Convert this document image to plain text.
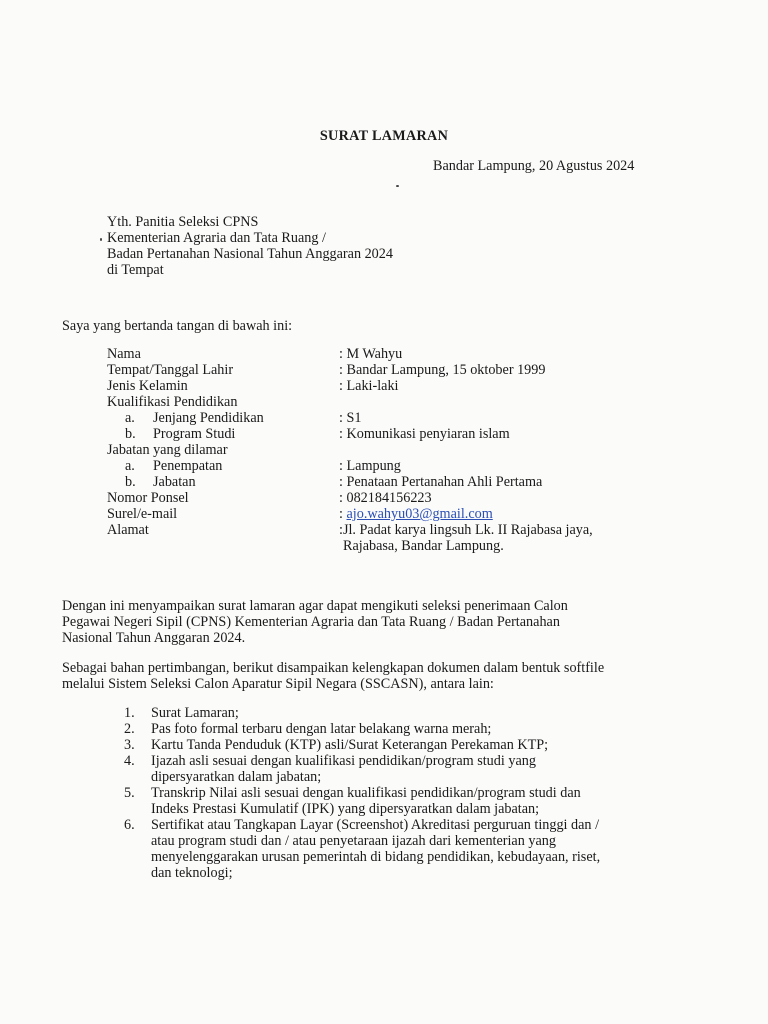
SURAT LAMARAN
Bandar Lampung, 20 Agustus 2024
Yth. Panitia Seleksi CPNS
Kementerian Agraria dan Tata Ruang /
Badan Pertanahan Nasional Tahun Anggaran 2024
di Tempat
Saya yang bertanda tangan di bawah ini:
Nama	: M Wahyu
Tempat/Tanggal Lahir	: Bandar Lampung, 15 oktober 1999
Jenis Kelamin	: Laki-laki
Kualifikasi Pendidikan
a. Jenjang Pendidikan	: S1
b. Program Studi	: Komunikasi penyiaran islam
Jabatan yang dilamar
a. Penempatan	: Lampung
b. Jabatan	: Penataan Pertanahan Ahli Pertama
Nomor Ponsel	: 082184156223
Surel/e-mail	: ajo.wahyu03@gmail.com
Alamat	:Jl. Padat karya lingsuh Lk. II Rajabasa jaya,
Rajabasa, Bandar Lampung.
Dengan ini menyampaikan surat lamaran agar dapat mengikuti seleksi penerimaan Calon
Pegawai Negeri Sipil (CPNS) Kementerian Agraria dan Tata Ruang / Badan Pertanahan
Nasional Tahun Anggaran 2024.
Sebagai bahan pertimbangan, berikut disampaikan kelengkapan dokumen dalam bentuk softfile
melalui Sistem Seleksi Calon Aparatur Sipil Negara (SSCASN), antara lain:
1.	Surat Lamaran;
2.	Pas foto formal terbaru dengan latar belakang warna merah;
3.	Kartu Tanda Penduduk (KTP) asli/Surat Keterangan Perekaman KTP;
4.	Ijazah asli sesuai dengan kualifikasi pendidikan/program studi yang
dipersyaratkan dalam jabatan;
5.	Transkrip Nilai asli sesuai dengan kualifikasi pendidikan/program studi dan
Indeks Prestasi Kumulatif (IPK) yang dipersyaratkan dalam jabatan;
6.	Sertifikat atau Tangkapan Layar (Screenshot) Akreditasi perguruan tinggi dan /
atau program studi dan / atau penyetaraan ijazah dari kementerian yang
menyelenggarakan urusan pemerintah di bidang pendidikan, kebudayaan, riset,
dan teknologi;
